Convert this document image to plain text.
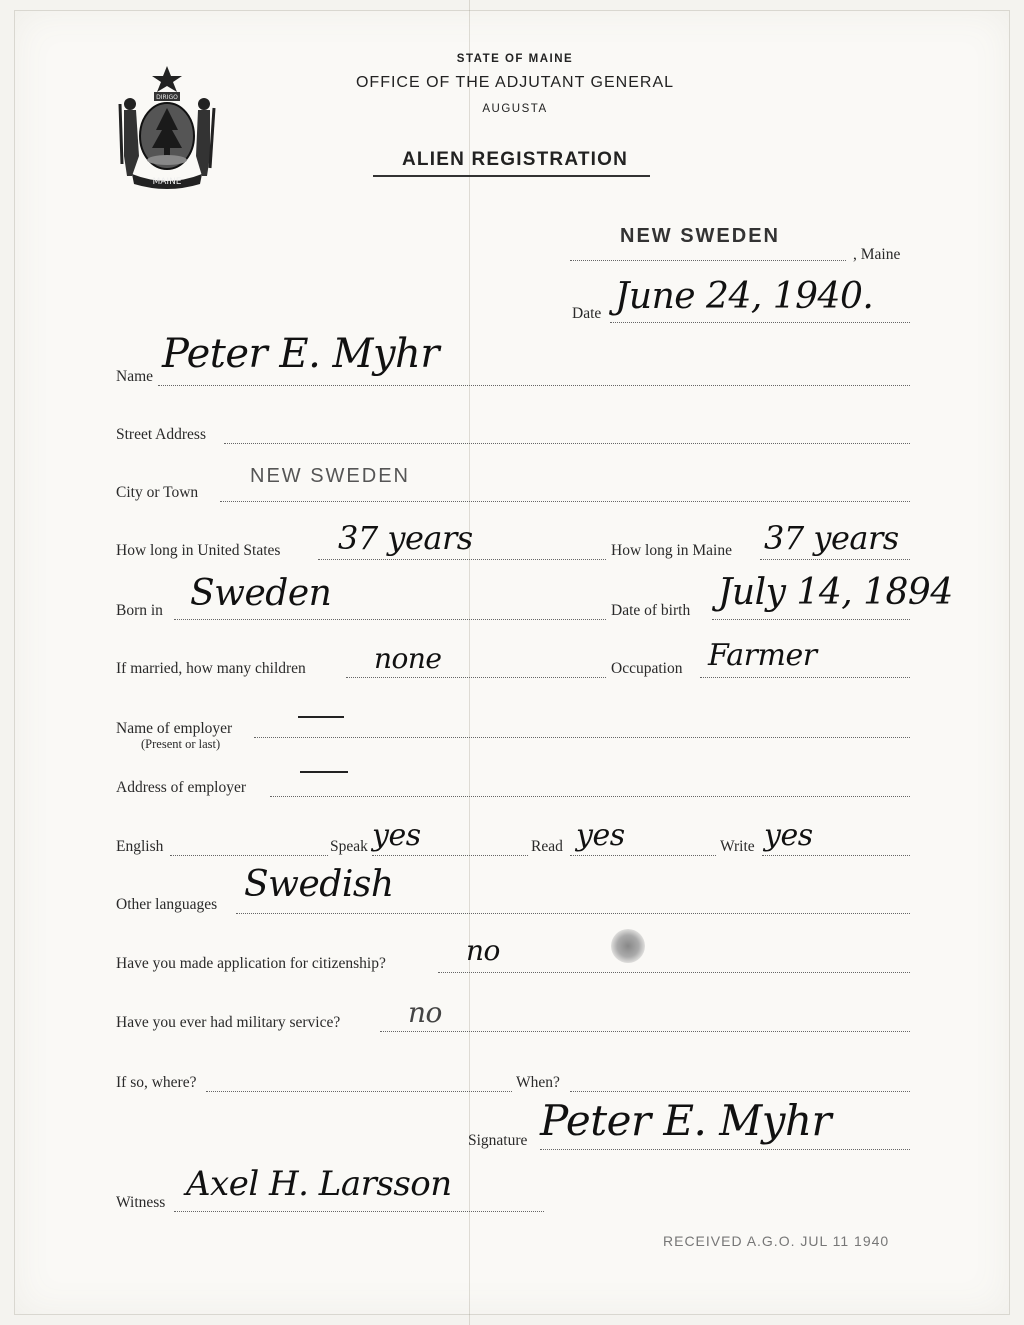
DIRIGO
MAINE
STATE OF MAINE
OFFICE OF THE ADJUTANT GENERAL
AUGUSTA
ALIEN REGISTRATION
NEW SWEDEN
, Maine
Date June 24, 1940.
Name Peter E. Myhr
Street Address
City or Town
NEW SWEDEN
How long in United States 37 years	How long in Maine 37 years
Born in Sweden	Date of birth July 14, 1894
If married, how many children none	Occupation Farmer
Name of employer
(Present or last)
Address of employer
English	Speak yes	Read yes	Write yes
Other languages Swedish
Have you made application for citizenship?	no
Have you ever had military service? no
If so, where?	When?
Signature Peter E. Myhr
Witness Axel H. Larsson
RECEIVED A.G.O. JUL 11 1940
